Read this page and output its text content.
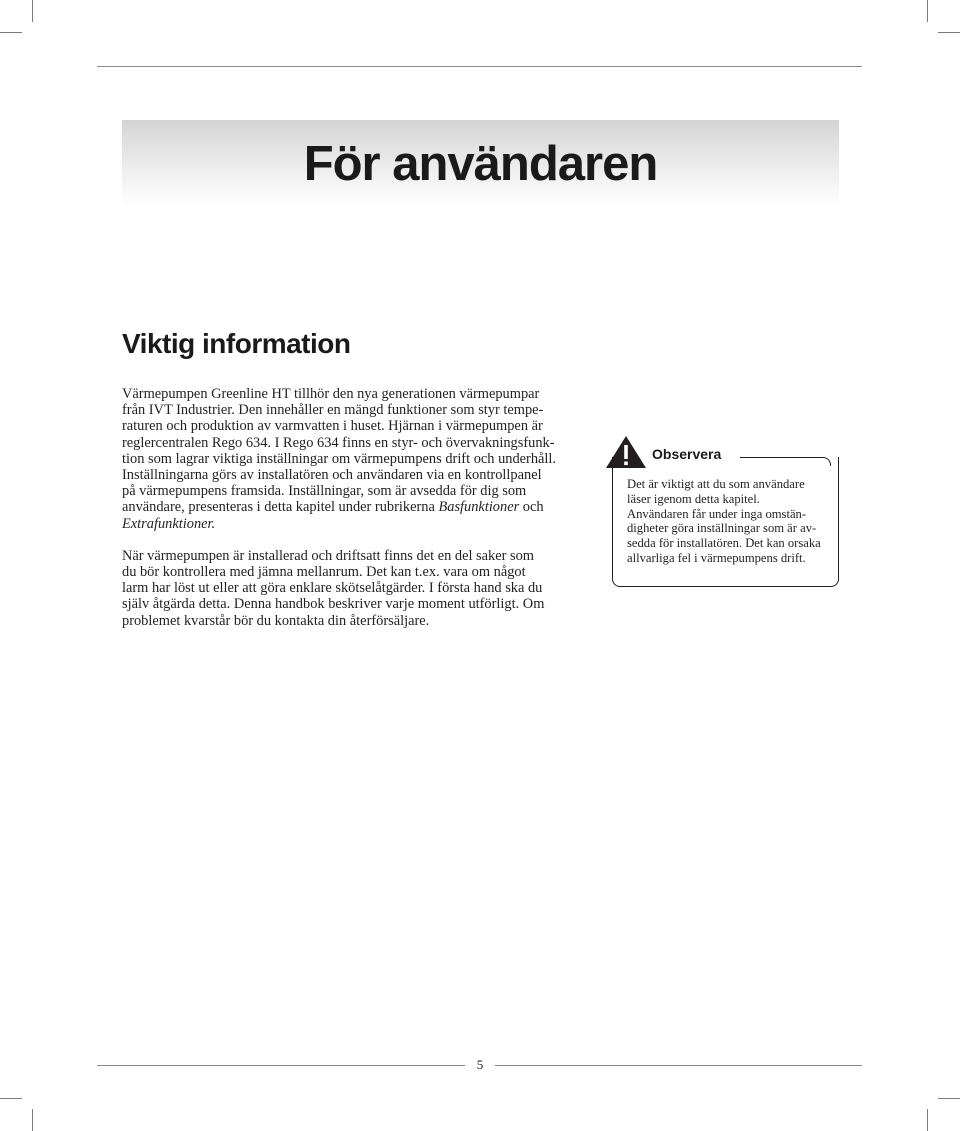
För användaren
Viktig information

Värmepumpen Greenline HT tillhör den nya generationen värmepumpar
från IVT Industrier. Den innehåller en mängd funktioner som styr tempe-
raturen och produktion av varmvatten i huset. Hjärnan i värmepumpen är
reglercentralen Rego 634. I Rego 634 finns en styr- och övervakningsfunk-
tion som lagrar viktiga inställningar om värmepumpens drift och underhåll.
Inställningarna görs av installatören och användaren via en kontrollpanel
på värmepumpens framsida. Inställningar, som är avsedda för dig som
användare, presenteras i detta kapitel under rubrikerna Basfunktioner och
Extrafunktioner.

När värmepumpen är installerad och driftsatt finns det en del saker som
du bör kontrollera med jämna mellanrum. Det kan t.ex. vara om något
larm har löst ut eller att göra enklare skötselåtgärder. I första hand ska du
själv åtgärda detta. Denna handbok beskriver varje moment utförligt. Om
problemet kvarstår bör du kontakta din återförsäljare.

Observera
Det är viktigt att du som användare
läser igenom detta kapitel.
Användaren får under inga omstän-
digheter göra inställningar som är av-
sedda för installatören. Det kan orsaka
allvarliga fel i värmepumpens drift.
5
